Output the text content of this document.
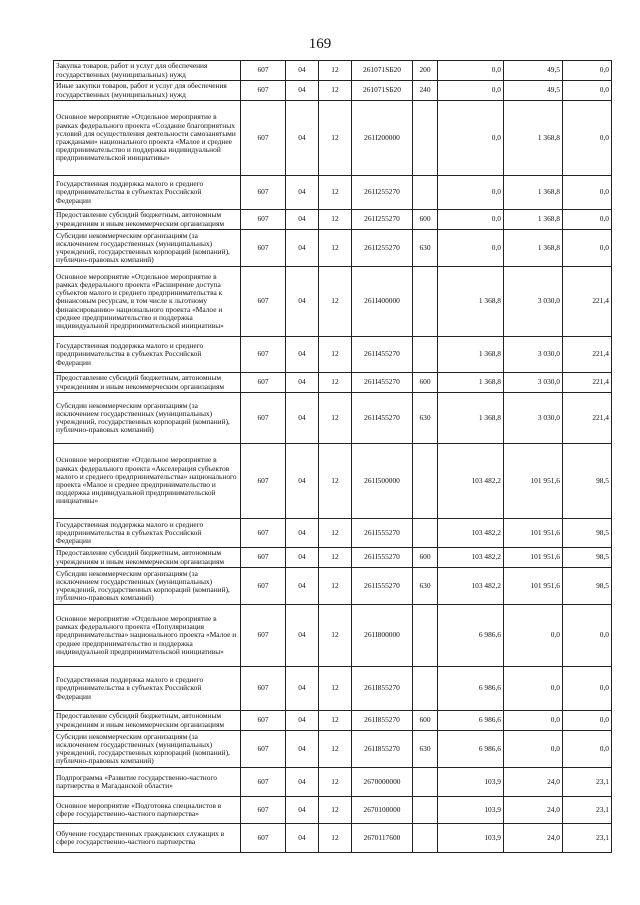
169
Закупка товаров, работ и услуг для обеспечения государственных (муниципальных) нужд	607	04	12	261071SБ20	200	0,0	49,5	0,0
Иные закупки товаров, работ и услуг для обеспечения государственных (муниципальных) нужд	607	04	12	261071SБ20	240	0,0	49,5	0,0
Основное мероприятие «Отдельное мероприятие в рамках федерального проекта «Создание благоприятных условий для осуществления деятельности самозанятыми гражданами» национального проекта «Малое и среднее предпринимательство и поддержка индивидуальной предпринимательской инициативы»	607	04	12	261I200000		0,0	1 368,8	0,0
Государственная поддержка малого и среднего предпринимательства в субъектах Российской Федерации	607	04	12	261I255270		0,0	1 368,8	0,0
Предоставление субсидий бюджетным, автономным учреждениям и иным некоммерческим организациям	607	04	12	261I255270	600	0,0	1 368,8	0,0
Субсидии некоммерческим организациям (за исключением государственных (муниципальных) учреждений, государственных корпораций (компаний), публично-правовых компаний)	607	04	12	261I255270	630	0,0	1 368,8	0,0
Основное мероприятие «Отдельное мероприятие в рамках федерального проекта «Расширение доступа субъектов малого и среднего предпринимательства к финансовым ресурсам, в том числе к льготному финансированию» национального проекта «Малое и среднее предпринимательство и поддержка индивидуальной предпринимательской инициативы»	607	04	12	261I400000		1 368,8	3 030,0	221,4
Государственная поддержка малого и среднего предпринимательства в субъектах Российской Федерации	607	04	12	261I455270		1 368,8	3 030,0	221,4
Предоставление субсидий бюджетным, автономным учреждениям и иным некоммерческим организациям	607	04	12	261I455270	600	1 368,8	3 030,0	221,4
Субсидии некоммерческим организациям (за исключением государственных (муниципальных) учреждений, государственных корпораций (компаний), публично-правовых компаний)	607	04	12	261I455270	630	1 368,8	3 030,0	221,4
Основное мероприятие «Отдельное мероприятие в рамках федерального проекта «Акселерация субъектов малого и среднего предпринимательства» национального проекта «Малое и среднее предпринимательство и поддержка индивидуальной предпринимательской инициативы»	607	04	12	261I500000		103 482,2	101 951,6	98,5
Государственная поддержка малого и среднего предпринимательства в субъектах Российской Федерации	607	04	12	261I555270		103 482,2	101 951,6	98,5
Предоставление субсидий бюджетным, автономным учреждениям и иным некоммерческим организациям	607	04	12	261I555270	600	103 482,2	101 951,6	98,5
Субсидии некоммерческим организациям (за исключением государственных (муниципальных) учреждений, государственных корпораций (компаний), публично-правовых компаний)	607	04	12	261I555270	630	103 482,2	101 951,6	98,5
Основное мероприятие «Отдельное мероприятие в рамках федерального проекта «Популяризация предпринимательства» национального проекта «Малое и среднее предпринимательство и поддержка индивидуальной предпринимательской инициативы»	607	04	12	261I800000		6 986,6	0,0	0,0
Государственная поддержка малого и среднего предпринимательства в субъектах Российской Федерации	607	04	12	261I855270		6 986,6	0,0	0,0
Предоставление субсидий бюджетным, автономным учреждениям и иным некоммерческим организациям	607	04	12	261I855270	600	6 986,6	0,0	0,0
Субсидии некоммерческим организациям (за исключением государственных (муниципальных) учреждений, государственных корпораций (компаний), публично-правовых компаний)	607	04	12	261I855270	630	6 986,6	0,0	0,0
Подпрограмма «Развитие государственно-частного партнерства в Магаданской области»	607	04	12	2670000000		103,9	24,0	23,1
Основное мероприятие «Подготовка специалистов в сфере государственно-частного партнерства»	607	04	12	2670100000		103,9	24,0	23,1
Обучение государственных гражданских служащих в сфере государственно-частного партнерства	607	04	12	2670117600		103,9	24,0	23,1
